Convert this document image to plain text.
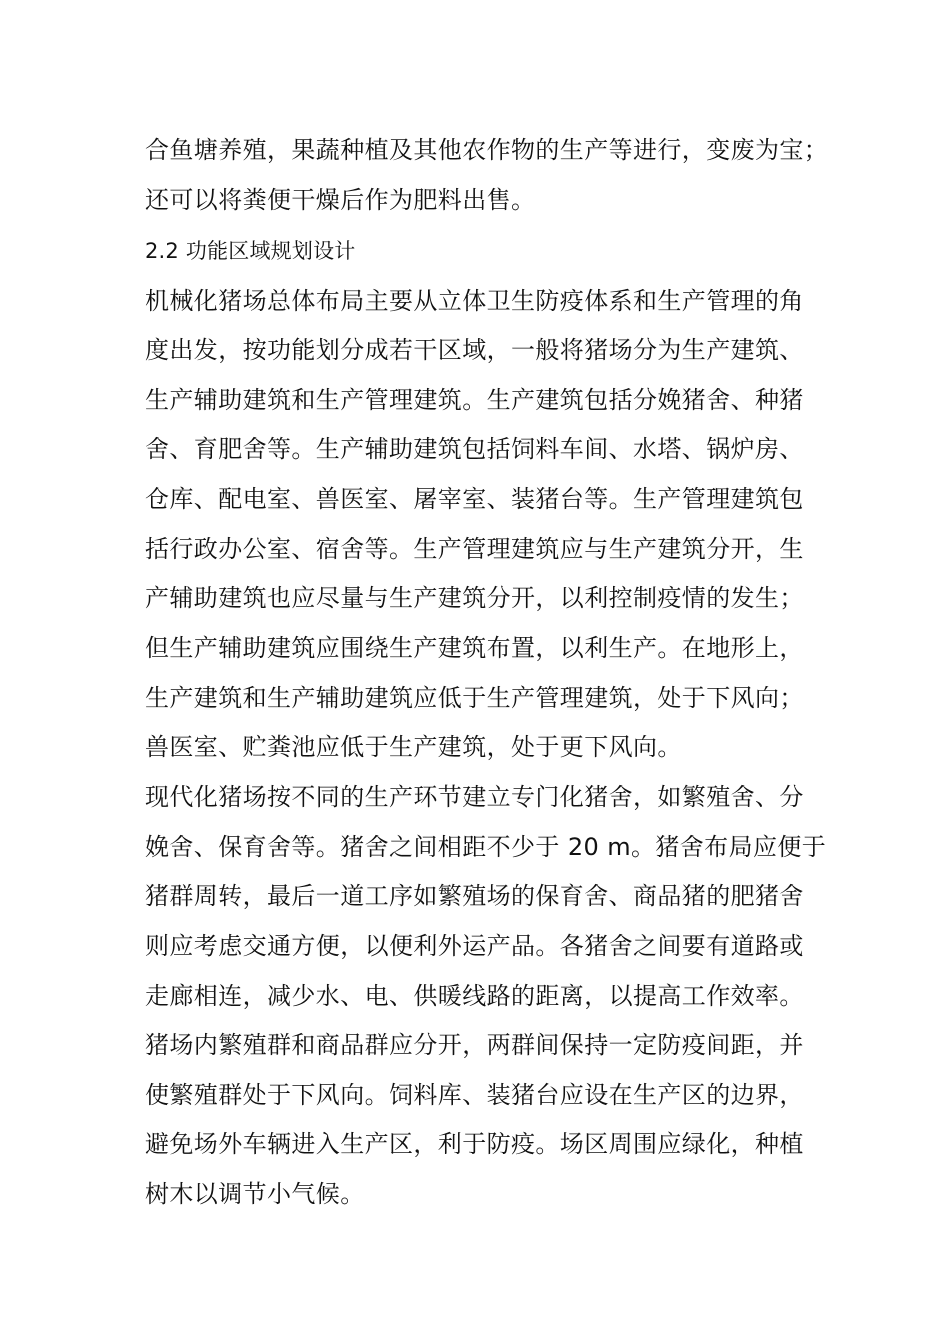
合鱼塘养殖，果蔬种植及其他农作物的生产等进行，变废为宝；
还可以将粪便干燥后作为肥料出售。
2.2 功能区域规划设计
机械化猪场总体布局主要从立体卫生防疫体系和生产管理的角
度出发，按功能划分成若干区域，一般将猪场分为生产建筑、
生产辅助建筑和生产管理建筑。生产建筑包括分娩猪舍、种猪
舍、育肥舍等。生产辅助建筑包括饲料车间、水塔、锅炉房、
仓库、配电室、兽医室、屠宰室、装猪台等。生产管理建筑包
括行政办公室、宿舍等。生产管理建筑应与生产建筑分开，生
产辅助建筑也应尽量与生产建筑分开，以利控制疫情的发生；
但生产辅助建筑应围绕生产建筑布置，以利生产。在地形上，
生产建筑和生产辅助建筑应低于生产管理建筑，处于下风向；
兽医室、贮粪池应低于生产建筑，处于更下风向。
现代化猪场按不同的生产环节建立专门化猪舍，如繁殖舍、分
娩舍、保育舍等。猪舍之间相距不少于 20 m。猪舍布局应便于
猪群周转，最后一道工序如繁殖场的保育舍、商品猪的肥猪舍
则应考虑交通方便，以便利外运产品。各猪舍之间要有道路或
走廊相连，减少水、电、供暖线路的距离，以提高工作效率。
猪场内繁殖群和商品群应分开，两群间保持一定防疫间距，并
使繁殖群处于下风向。饲料库、装猪台应设在生产区的边界，
避免场外车辆进入生产区，利于防疫。场区周围应绿化，种植
树木以调节小气候。
